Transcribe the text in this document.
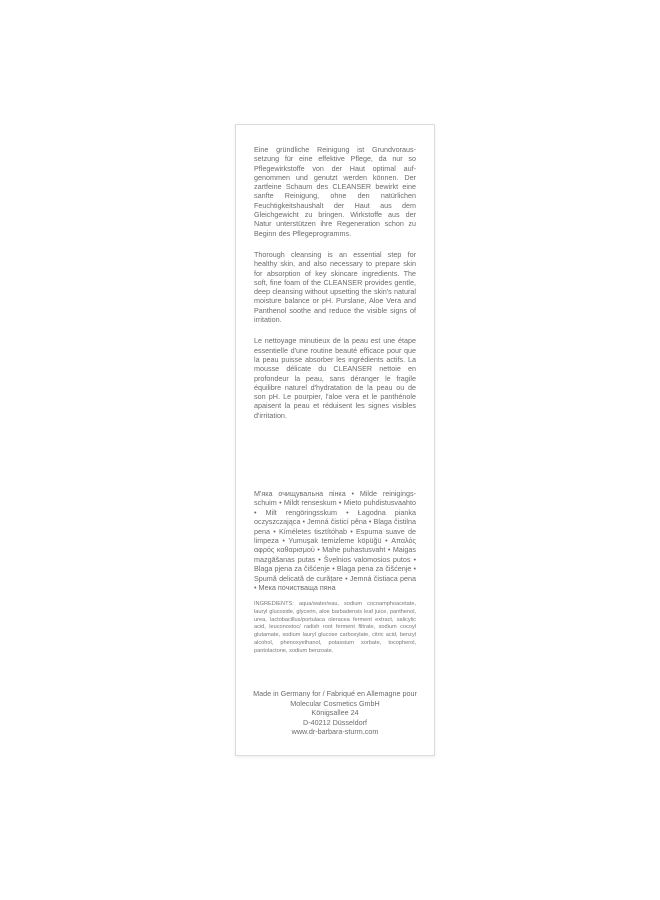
Eine gründliche Reinigung ist Grundvoraussetzung für eine effektive Pflege, da nur so Pflegewirkstoffe von der Haut optimal aufgenommen und genutzt werden können. Der zartfeine Schaum des CLEANSER bewirkt eine sanfte Reinigung, ohne den natürlichen Feuchtigkeitshaushalt der Haut aus dem Gleichgewicht zu bringen. Wirkstoffe aus der Natur unterstützen ihre Regeneration schon zu Beginn des Pflegeprogramms.

Thorough cleansing is an essential step for healthy skin, and also necessary to prepare skin for absorption of key skincare ingredients. The soft, fine foam of the CLEANSER provides gentle, deep cleansing without upsetting the skin's natural moisture balance or pH. Purslane, Aloe Vera and Panthenol soothe and reduce the visible signs of irritation.

Le nettoyage minutieux de la peau est une étape essentielle d'une routine beauté efficace pour que la peau puisse absorber les ingrédients actifs. La mousse délicate du CLEANSER nettoie en profondeur la peau, sans déranger le fragile équilibre naturel d'hydratation de la peau ou de son pH. Le pourpier, l'aloe vera et le panthénole apaisent la peau et réduisent les signes visibles d'irritation.

М'яка очищувальна пінка • Milde reinigingsschuim • Mildt renseskum • Mieto puhdistusvaahto • Milt rengöringsskum • Łagodna pianka oczyszczająca • Jemná čisticí pěna • Blaga čistilna pena • Kíméletes tisztítóhab • Espuma suave de limpeza • Yumuşak temizleme köpüğü • Απαλός αφρός καθαρισμού • Mahe puhastusvaht • Maigas mazgāšanas putas • Švelnios valomosios putos • Blaga pjena za čišćenje • Blaga pena za čišćenje • Spumă delicată de curățare • Jemná čistiaca pena • Мека почистваща пяна
INGREDIENTS: aqua/water/eau, sodium cocoamphoacetate, lauryl glucoside, glycerin, aloe barbadensis leaf juice, panthenol, urea, lactobacillus/portulaca oleracea ferment extract, salicylic acid, leuconostoc/ radish root ferment filtrate, sodium cocoyl glutamate, sodium lauryl glucose carboxylate, citric acid, benzyl alcohol, phenoxyethanol, potassium sorbate, tocopherol, pantolactone, sodium benzoate.
Made in Germany for / Fabriqué en Allemagne pour
Molecular Cosmetics GmbH
Königsallee 24
D-40212 Düsseldorf
www.dr-barbara-sturm.com
